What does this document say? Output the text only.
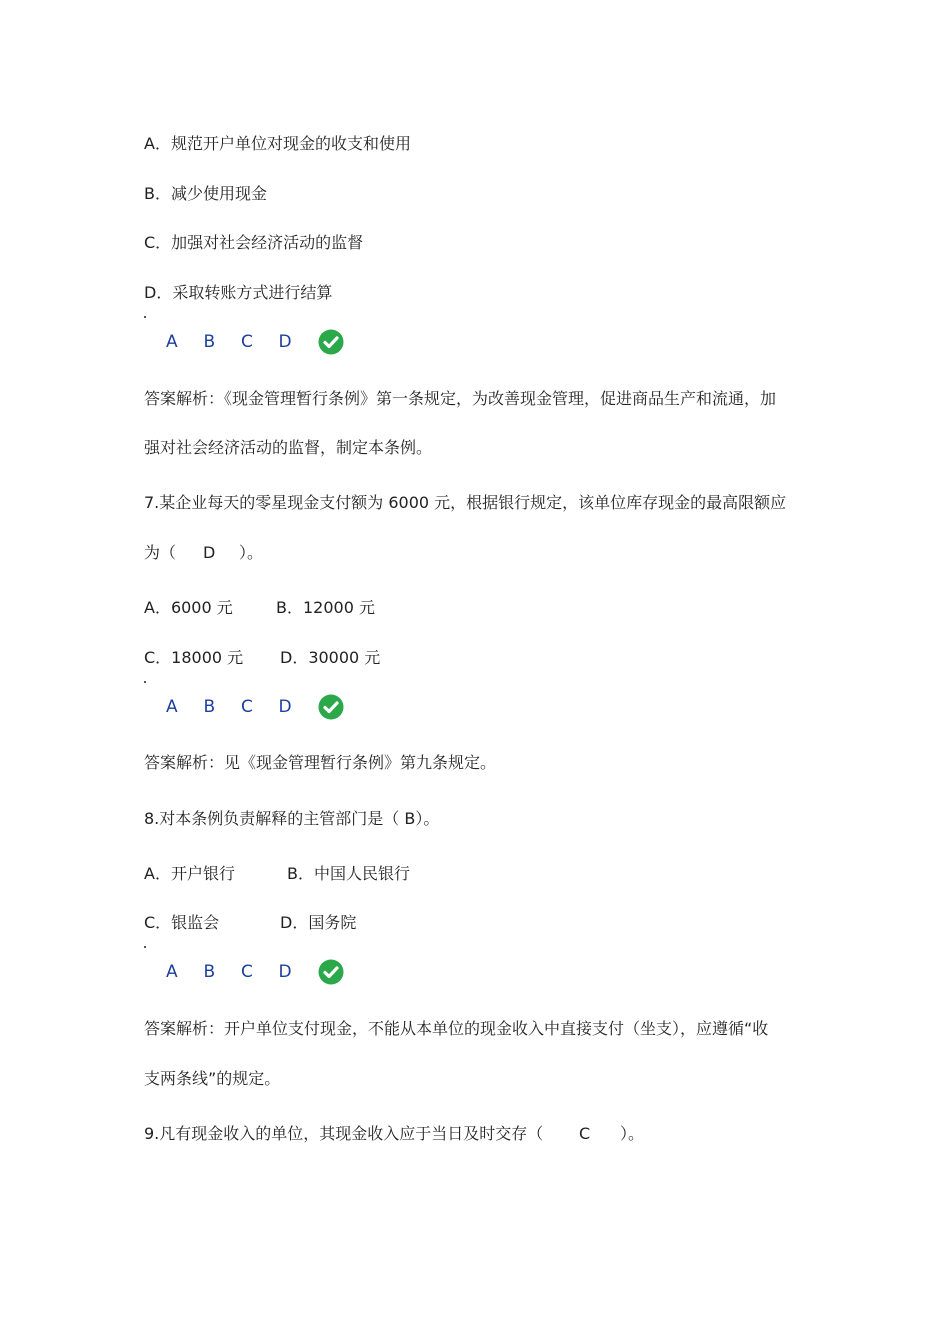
A．规范开户单位对现金的收支和使用
B．减少使用现金
C．加强对社会经济活动的监督
D．采取转账方式进行结算
A	B	C	D
答案解析：《现金管理暂行条例》第一条规定，为改善现金管理，促进商品生产和流通，加
强对社会经济活动的监督，制定本条例。
7.某企业每天的零星现金支付额为 6000 元，根据银行规定，该单位库存现金的最高限额应
为（ D ）。
A．6000 元	B．12000 元
C．18000 元 D．30000 元
A	B	C	D
答案解析：见《现金管理暂行条例》第九条规定。
8.对本条例负责解释的主管部门是（ B）。
A．开户银行	B．中国人民银行
C．银监会	D．国务院
A	B	C	D
答案解析：开户单位支付现金，不能从本单位的现金收入中直接支付（坐支），应遵循“收
支两条线”的规定。
9.凡有现金收入的单位，其现金收入应于当日及时交存（ C ）。
